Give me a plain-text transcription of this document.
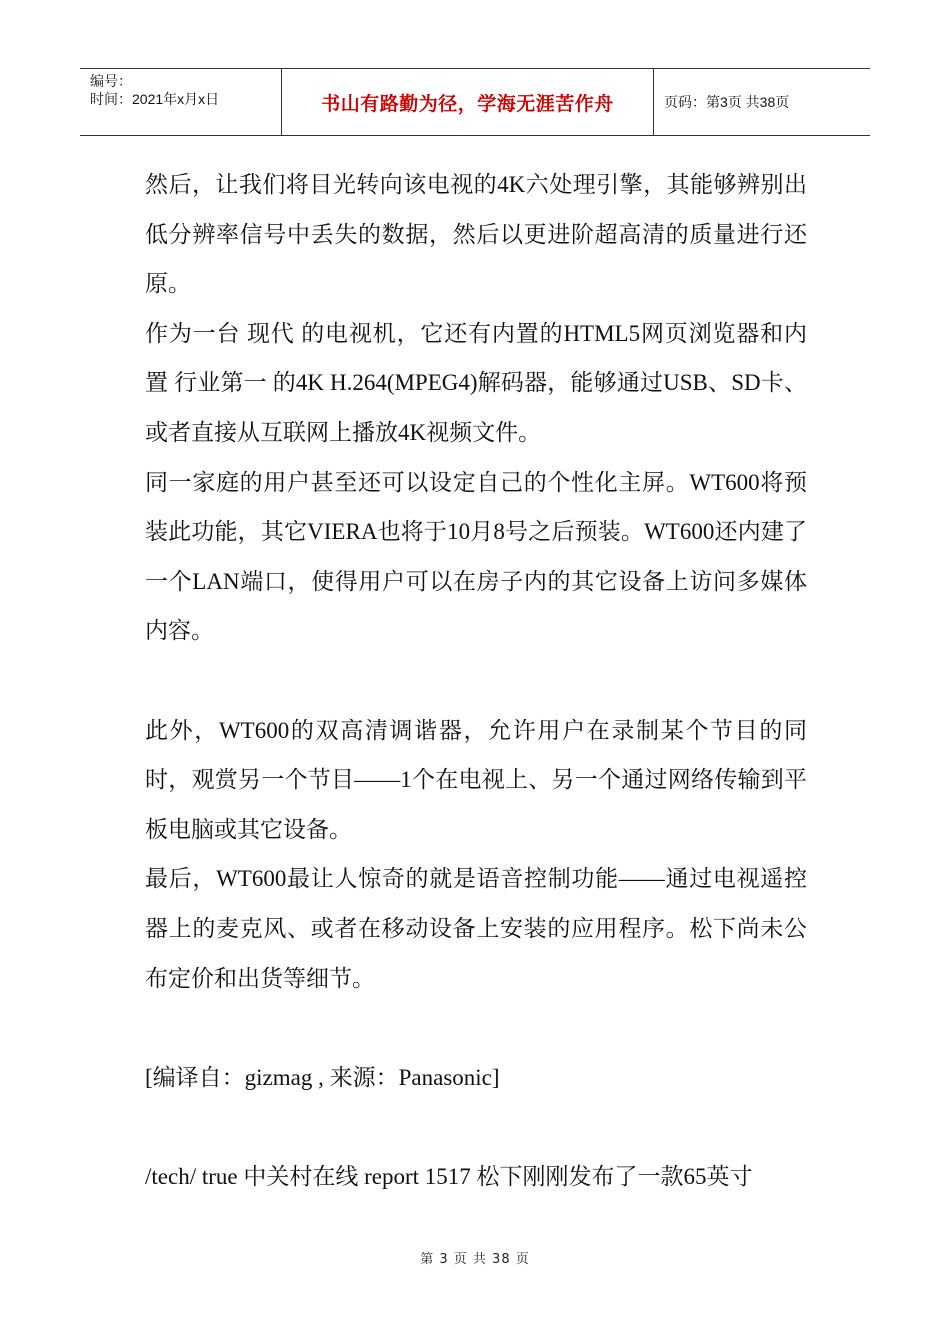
编号：
时间：2021年x月x日	书山有路勤为径，学海无涯苦作舟	页码：第3页 共38页

然后，让我们将目光转向该电视的4K六处理引擎，其能够辨别出低分辨率信号中丢失的数据，然后以更进阶超高清的质量进行还原。

作为一台 现代 的电视机，它还有内置的HTML5网页浏览器和内置 行业第一 的4K H.264(MPEG4)解码器，能够通过USB、SD卡、或者直接从互联网上播放4K视频文件。

同一家庭的用户甚至还可以设定自己的个性化主屏。WT600将预装此功能，其它VIERA也将于10月8号之后预装。WT600还内建了一个LAN端口，使得用户可以在房子内的其它设备上访问多媒体内容。

此外，WT600的双高清调谐器，允许用户在录制某个节目的同时，观赏另一个节目——1个在电视上、另一个通过网络传输到平板电脑或其它设备。

最后，WT600最让人惊奇的就是语音控制功能——通过电视遥控器上的麦克风、或者在移动设备上安装的应用程序。松下尚未公布定价和出货等细节。

[编译自：gizmag , 来源：Panasonic]

/tech/ true 中关村在线 report 1517 松下刚刚发布了一款65英寸

第 3 页 共 38 页
